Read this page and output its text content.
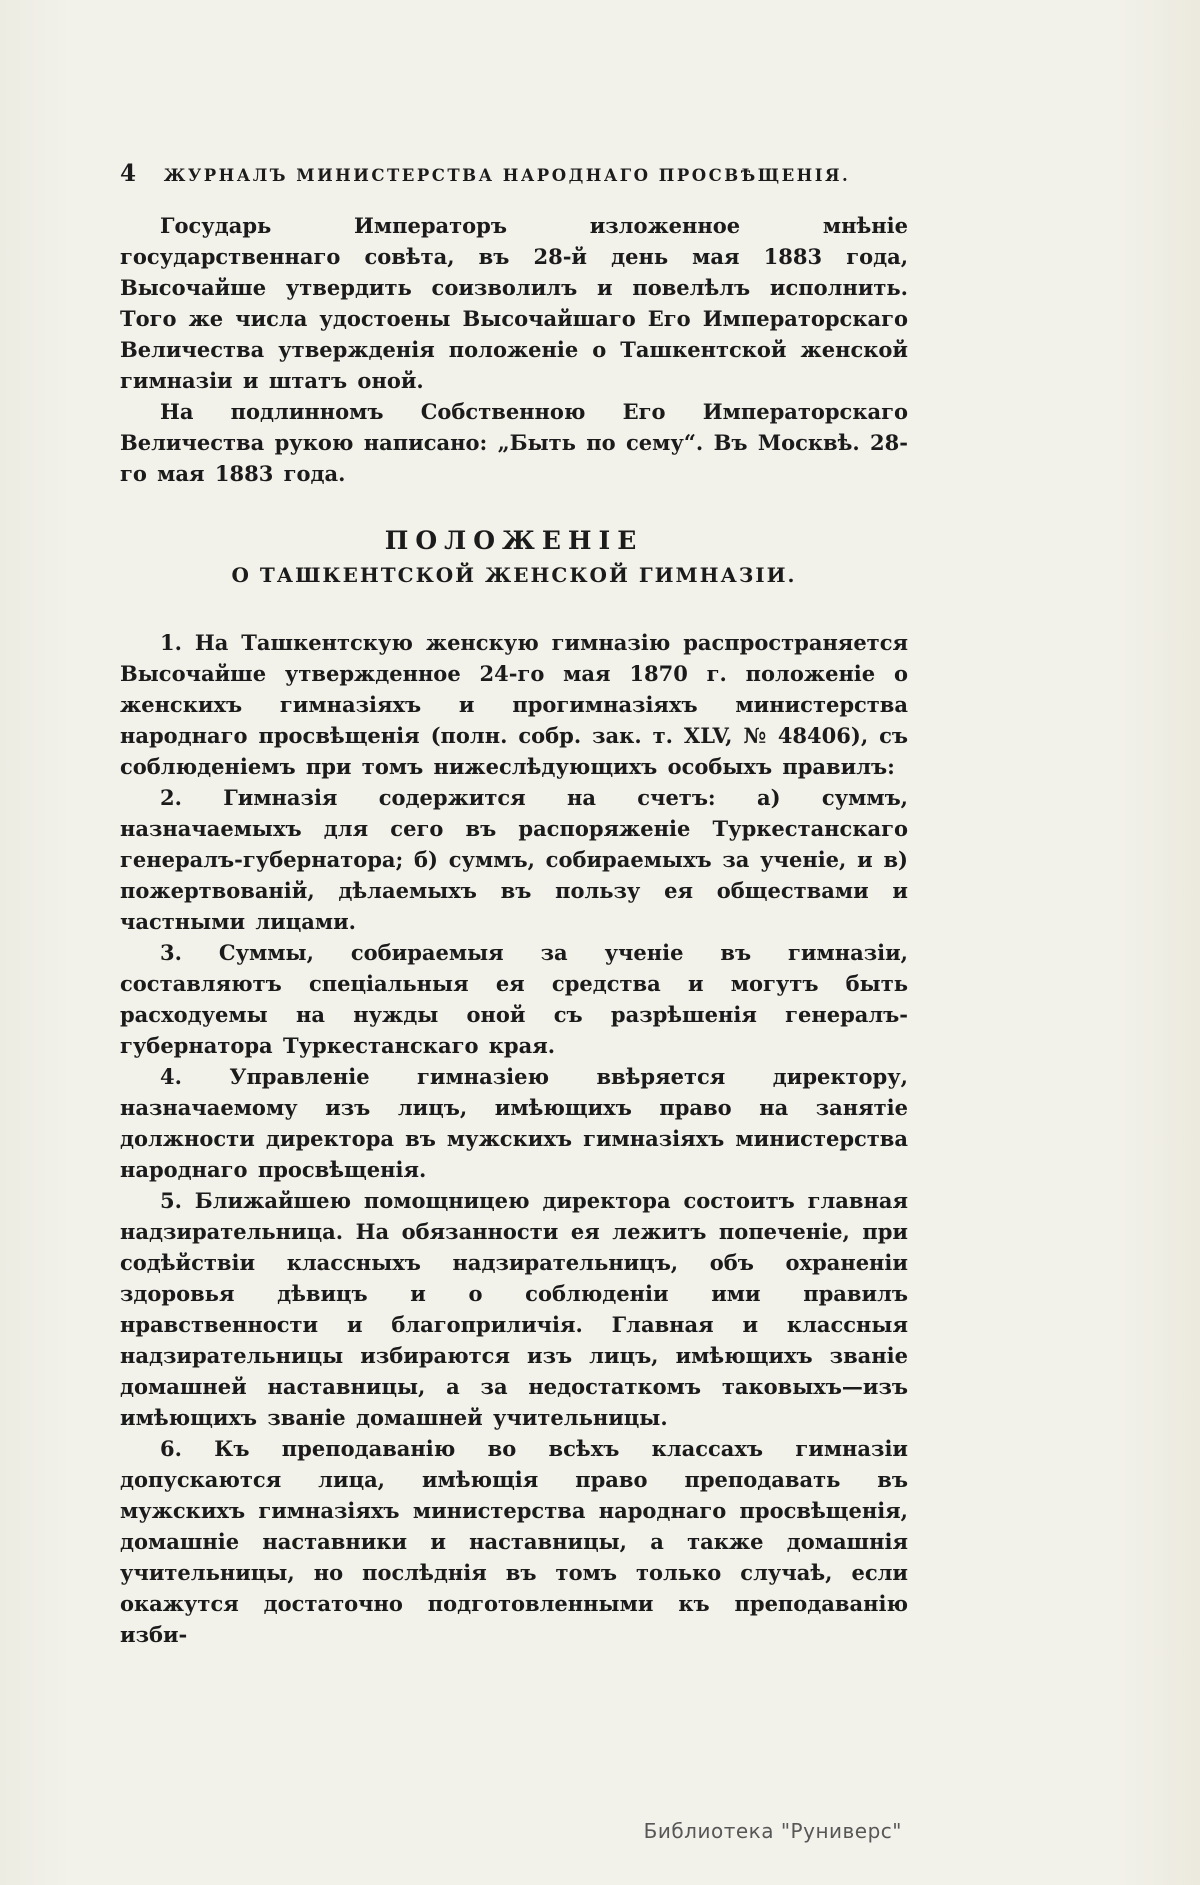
4	ЖУРНАЛЪ МИНИСТЕРСТВА НАРОДНАГО ПРОСВѢЩЕНІЯ.

Государь Императоръ изложенное мнѣніе государственнаго совѣта, въ 28-й день мая 1883 года, Высочайше утвердить соизволилъ и повелѣлъ исполнить. Того же числа удостоены Высочайшаго Его Императорскаго Величества утвержденія положеніе о Ташкентской женской гимназіи и штатъ оной.

На подлинномъ Собственною Его Императорскаго Величества рукою написано: „Быть по сему“. Въ Москвѣ. 28-го мая 1883 года.

ПОЛОЖЕНІЕ
О ТАШКЕНТСКОЙ ЖЕНСКОЙ ГИМНАЗІИ.

1. На Ташкентскую женскую гимназію распространяется Высочайше утвержденное 24-го мая 1870 г. положеніе о женскихъ гимназіяхъ и прогимназіяхъ министерства народнаго просвѣщенія (полн. собр. зак. т. XLV, № 48406), съ соблюденіемъ при томъ нижеслѣдующихъ особыхъ правилъ:

2. Гимназія содержится на счетъ: а) суммъ, назначаемыхъ для сего въ распоряженіе Туркестанскаго генералъ-губернатора; б) суммъ, собираемыхъ за ученіе, и в) пожертвованій, дѣлаемыхъ въ пользу ея обществами и частными лицами.

3. Суммы, собираемыя за ученіе въ гимназіи, составляютъ спеціальныя ея средства и могутъ быть расходуемы на нужды оной съ разрѣшенія генералъ-губернатора Туркестанскаго края.

4. Управленіе гимназіею ввѣряется директору, назначаемому изъ лицъ, имѣющихъ право на занятіе должности директора въ мужскихъ гимназіяхъ министерства народнаго просвѣщенія.

5. Ближайшею помощницею директора состоитъ главная надзирательница. На обязанности ея лежитъ попеченіе, при содѣйствіи классныхъ надзирательницъ, объ охраненіи здоровья дѣвицъ и о соблюденіи ими правилъ нравственности и благоприличія. Главная и классныя надзирательницы избираются изъ лицъ, имѣющихъ званіе домашней наставницы, а за недостаткомъ таковыхъ—изъ имѣющихъ званіе домашней учительницы.

6. Къ преподаванію во всѣхъ классахъ гимназіи допускаются лица, имѣющія право преподавать въ мужскихъ гимназіяхъ министерства народнаго просвѣщенія, домашніе наставники и наставницы, а также домашнія учительницы, но послѣднія въ томъ только случаѣ, если окажутся достаточно подготовленными къ преподаванію изби-

Библиотека "Руниверс"
